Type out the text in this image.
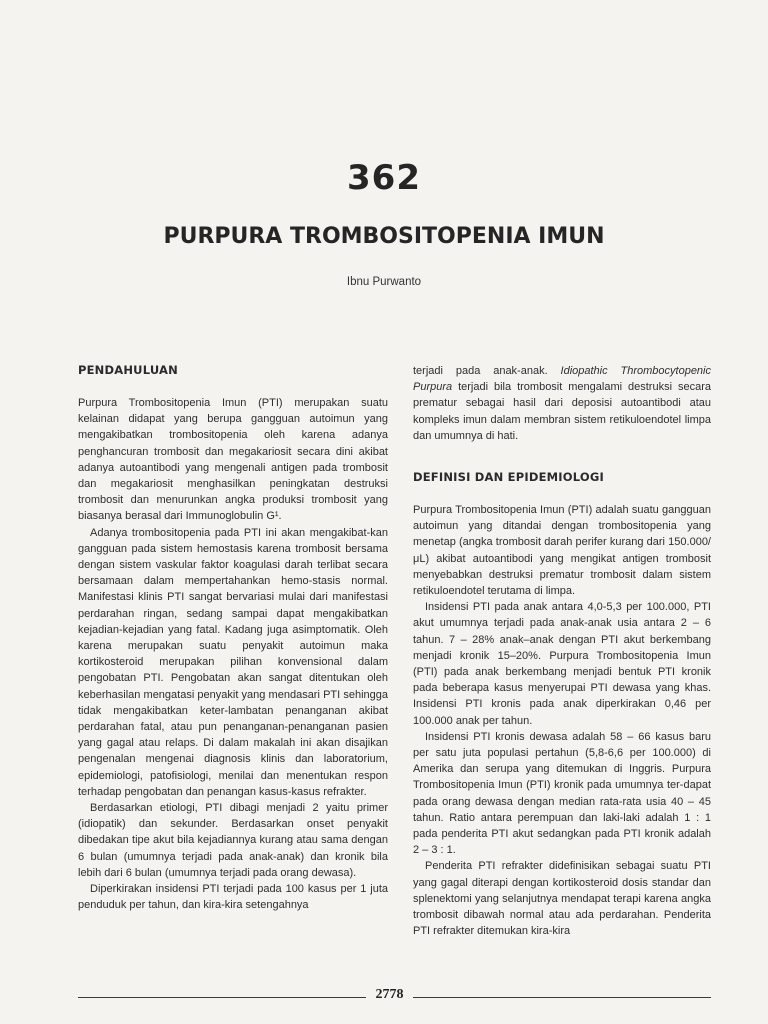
362
PURPURA TROMBOSITOPENIA IMUN
Ibnu Purwanto
PENDAHULUAN

Purpura Trombositopenia Imun (PTI) merupakan suatu kelainan didapat yang berupa gangguan autoimun yang mengakibatkan trombositopenia oleh karena adanya penghancuran trombosit dan megakariosit secara dini akibat adanya autoantibodi yang mengenali antigen pada trombosit dan megakariosit menghasilkan peningkatan destruksi trombosit dan menurunkan angka produksi trombosit yang biasanya berasal dari Immunoglobulin G¹.

Adanya trombositopenia pada PTI ini akan mengakibat-kan gangguan pada sistem hemostasis karena trombosit bersama dengan sistem vaskular faktor koagulasi darah terlibat secara bersamaan dalam mempertahankan hemo-stasis normal. Manifestasi klinis PTI sangat bervariasi mulai dari manifestasi perdarahan ringan, sedang sampai dapat mengakibatkan kejadian-kejadian yang fatal. Kadang juga asimptomatik. Oleh karena merupakan suatu penyakit autoimun maka kortikosteroid merupakan pilihan konvensional dalam pengobatan PTI. Pengobatan akan sangat ditentukan oleh keberhasilan mengatasi penyakit yang mendasari PTI sehingga tidak mengakibatkan keter-lambatan penanganan akibat perdarahan fatal, atau pun penanganan-penanganan pasien yang gagal atau relaps. Di dalam makalah ini akan disajikan pengenalan mengenai diagnosis klinis dan laboratorium, epidemiologi, patofisiologi, menilai dan menentukan respon terhadap pengobatan dan penangan kasus-kasus refrakter.

Berdasarkan etiologi, PTI dibagi menjadi 2 yaitu primer (idiopatik) dan sekunder. Berdasarkan onset penyakit dibedakan tipe akut bila kejadiannya kurang atau sama dengan 6 bulan (umumnya terjadi pada anak-anak) dan kronik bila lebih dari 6 bulan (umumnya terjadi pada orang dewasa).

Diperkirakan insidensi PTI terjadi pada 100 kasus per 1 juta penduduk per tahun, dan kira-kira setengahnya

terjadi pada anak-anak. Idiopathic Thrombocytopenic Purpura terjadi bila trombosit mengalami destruksi secara prematur sebagai hasil dari deposisi autoantibodi atau kompleks imun dalam membran sistem retikuloendotel limpa dan umumnya di hati.

DEFINISI DAN EPIDEMIOLOGI

Purpura Trombositopenia Imun (PTI) adalah suatu gangguan autoimun yang ditandai dengan trombositopenia yang menetap (angka trombosit darah perifer kurang dari 150.000/μL) akibat autoantibodi yang mengikat antigen trombosit menyebabkan destruksi prematur trombosit dalam sistem retikuloendotel terutama di limpa.

Insidensi PTI pada anak antara 4,0-5,3 per 100.000, PTI akut umumnya terjadi pada anak-anak usia antara 2 – 6 tahun. 7 – 28% anak–anak dengan PTI akut berkembang menjadi kronik 15–20%. Purpura Trombositopenia Imun (PTI) pada anak berkembang menjadi bentuk PTI kronik pada beberapa kasus menyerupai PTI dewasa yang khas. Insidensi PTI kronis pada anak diperkirakan 0,46 per 100.000 anak per tahun.

Insidensi PTI kronis dewasa adalah 58 – 66 kasus baru per satu juta populasi pertahun (5,8-6,6 per 100.000) di Amerika dan serupa yang ditemukan di Inggris. Purpura Trombositopenia Imun (PTI) kronik pada umumnya ter-dapat pada orang dewasa dengan median rata-rata usia 40 – 45 tahun. Ratio antara perempuan dan laki-laki adalah 1 : 1 pada penderita PTI akut sedangkan pada PTI kronik adalah 2 – 3 : 1.

Penderita PTI refrakter didefinisikan sebagai suatu PTI yang gagal diterapi dengan kortikosteroid dosis standar dan splenektomi yang selanjutnya mendapat terapi karena angka trombosit dibawah normal atau ada perdarahan. Penderita PTI refrakter ditemukan kira-kira

2778
